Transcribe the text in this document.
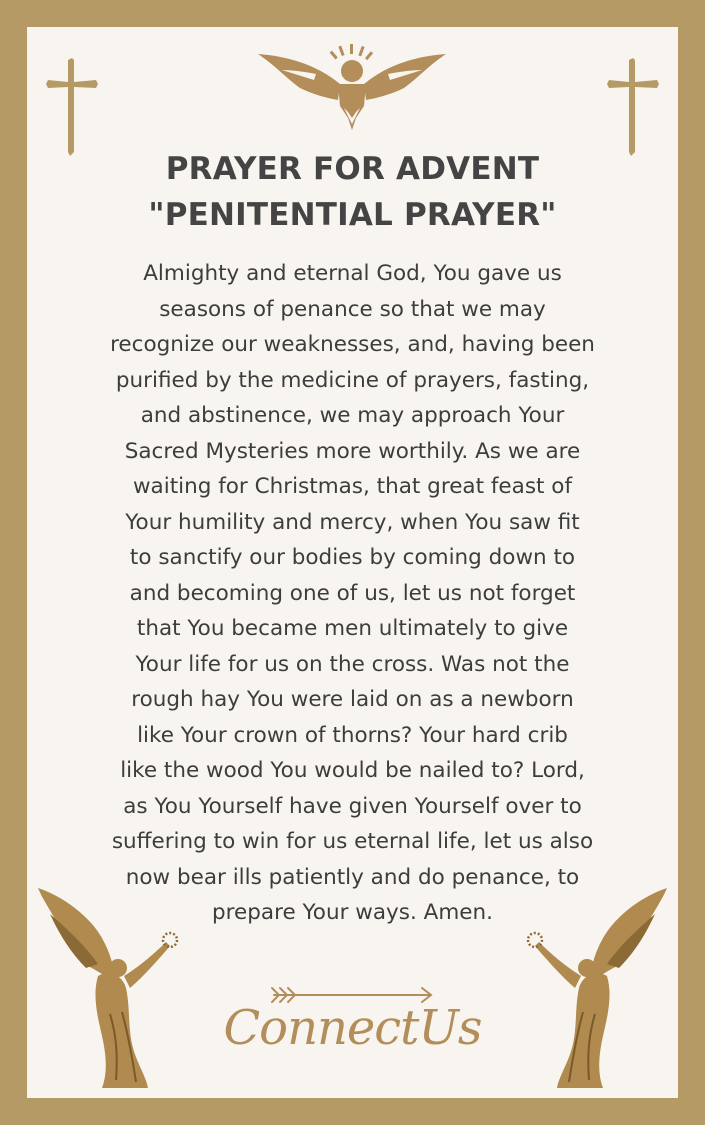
PRAYER FOR ADVENT
"PENITENTIAL PRAYER"
Almighty and eternal God, You gave us
seasons of penance so that we may
recognize our weaknesses, and, having been
purified by the medicine of prayers, fasting,
and abstinence, we may approach Your
Sacred Mysteries more worthily. As we are
waiting for Christmas, that great feast of
Your humility and mercy, when You saw fit
to sanctify our bodies by coming down to
and becoming one of us, let us not forget
that You became men ultimately to give
Your life for us on the cross. Was not the
rough hay You were laid on as a newborn
like Your crown of thorns? Your hard crib
like the wood You would be nailed to? Lord,
as You Yourself have given Yourself over to
suffering to win for us eternal life, let us also
now bear ills patiently and do penance, to
prepare Your ways. Amen.
ConnectUs
